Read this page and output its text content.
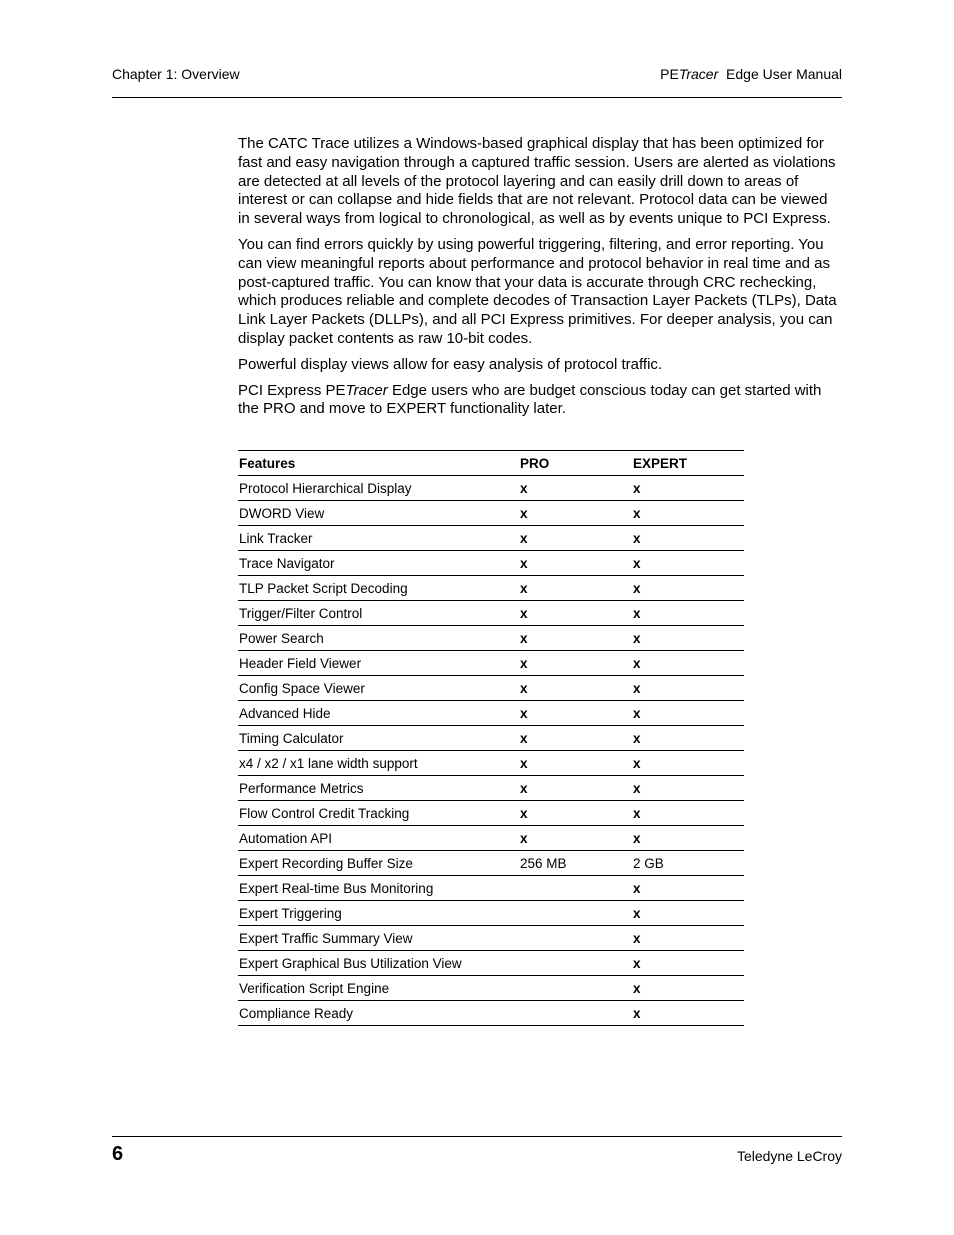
Chapter 1: Overview	PETracer  Edge User Manual

The CATC Trace utilizes a Windows-based graphical display that has been optimized for fast and easy navigation through a captured traffic session. Users are alerted as violations are detected at all levels of the protocol layering and can easily drill down to areas of interest or can collapse and hide fields that are not relevant. Protocol data can be viewed in several ways from logical to chronological, as well as by events unique to PCI Express.

You can find errors quickly by using powerful triggering, filtering, and error reporting. You can view meaningful reports about performance and protocol behavior in real time and as post-captured traffic. You can know that your data is accurate through CRC rechecking, which produces reliable and complete decodes of Transaction Layer Packets (TLPs), Data Link Layer Packets (DLLPs), and all PCI Express primitives. For deeper analysis, you can display packet contents as raw 10-bit codes.

Powerful display views allow for easy analysis of protocol traffic.

PCI Express PETracer Edge users who are budget conscious today can get started with the PRO and move to EXPERT functionality later.

Features	PRO	EXPERT
Protocol Hierarchical Display	x	x
DWORD View	x	x
Link Tracker	x	x
Trace Navigator	x	x
TLP Packet Script Decoding	x	x
Trigger/Filter Control	x	x
Power Search	x	x
Header Field Viewer	x	x
Config Space Viewer	x	x
Advanced Hide	x	x
Timing Calculator	x	x
x4 / x2 / x1 lane width support	x	x
Performance Metrics	x	x
Flow Control Credit Tracking	x	x
Automation API	x	x
Expert Recording Buffer Size	256 MB	2 GB
Expert Real-time Bus Monitoring		x
Expert Triggering		x
Expert Traffic Summary View		x
Expert Graphical Bus Utilization View		x
Verification Script Engine		x
Compliance Ready		x
6	Teledyne LeCroy
